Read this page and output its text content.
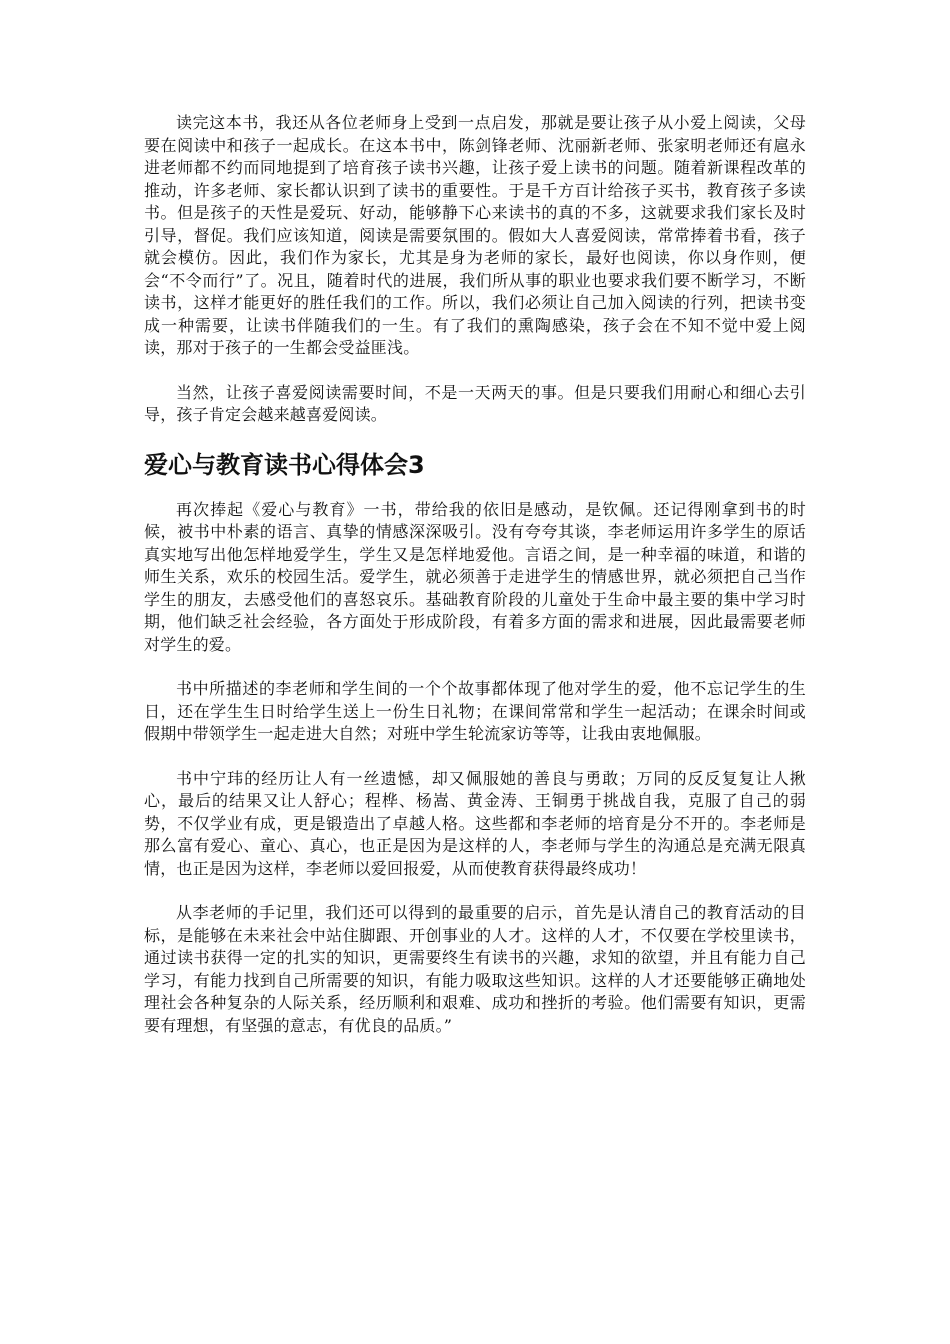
读完这本书，我还从各位老师身上受到一点启发，那就是要让孩子从小爱上阅读，父母要在阅读中和孩子一起成长。在这本书中，陈剑锋老师、沈丽新老师、张家明老师还有扈永进老师都不约而同地提到了培育孩子读书兴趣，让孩子爱上读书的问题。随着新课程改革的推动，许多老师、家长都认识到了读书的重要性。于是千方百计给孩子买书，教育孩子多读书。但是孩子的天性是爱玩、好动，能够静下心来读书的真的不多，这就要求我们家长及时引导，督促。我们应该知道，阅读是需要氛围的。假如大人喜爱阅读，常常捧着书看，孩子就会模仿。因此，我们作为家长，尤其是身为老师的家长，最好也阅读，你以身作则，便会“不令而行”了。况且，随着时代的进展，我们所从事的职业也要求我们要不断学习，不断读书，这样才能更好的胜任我们的工作。所以，我们必须让自己加入阅读的行列，把读书变成一种需要，让读书伴随我们的一生。有了我们的熏陶感染，孩子会在不知不觉中爱上阅读，那对于孩子的一生都会受益匪浅。

当然，让孩子喜爱阅读需要时间，不是一天两天的事。但是只要我们用耐心和细心去引导，孩子肯定会越来越喜爱阅读。

爱心与教育读书心得体会3

再次捧起《爱心与教育》一书，带给我的依旧是感动，是钦佩。还记得刚拿到书的时候，被书中朴素的语言、真挚的情感深深吸引。没有夸夸其谈，李老师运用许多学生的原话真实地写出他怎样地爱学生，学生又是怎样地爱他。言语之间，是一种幸福的味道，和谐的师生关系，欢乐的校园生活。爱学生，就必须善于走进学生的情感世界，就必须把自己当作学生的朋友，去感受他们的喜怒哀乐。基础教育阶段的儿童处于生命中最主要的集中学习时期，他们缺乏社会经验，各方面处于形成阶段，有着多方面的需求和进展，因此最需要老师对学生的爱。

书中所描述的李老师和学生间的一个个故事都体现了他对学生的爱，他不忘记学生的生日，还在学生生日时给学生送上一份生日礼物；在课间常常和学生一起活动；在课余时间或假期中带领学生一起走进大自然；对班中学生轮流家访等等，让我由衷地佩服。

书中宁玮的经历让人有一丝遗憾，却又佩服她的善良与勇敢；万同的反反复复让人揪心，最后的结果又让人舒心；程桦、杨嵩、黄金涛、王铜勇于挑战自我，克服了自己的弱势，不仅学业有成，更是锻造出了卓越人格。这些都和李老师的培育是分不开的。李老师是那么富有爱心、童心、真心，也正是因为是这样的人，李老师与学生的沟通总是充满无限真情，也正是因为这样，李老师以爱回报爱，从而使教育获得最终成功！

从李老师的手记里，我们还可以得到的最重要的启示，首先是认清自己的教育活动的目标，是能够在未来社会中站住脚跟、开创事业的人才。这样的人才，不仅要在学校里读书，通过读书获得一定的扎实的知识，更需要终生有读书的兴趣，求知的欲望，并且有能力自己学习，有能力找到自己所需要的知识，有能力吸取这些知识。这样的人才还要能够正确地处理社会各种复杂的人际关系，经历顺利和艰难、成功和挫折的考验。他们需要有知识，更需要有理想，有坚强的意志，有优良的品质。”
